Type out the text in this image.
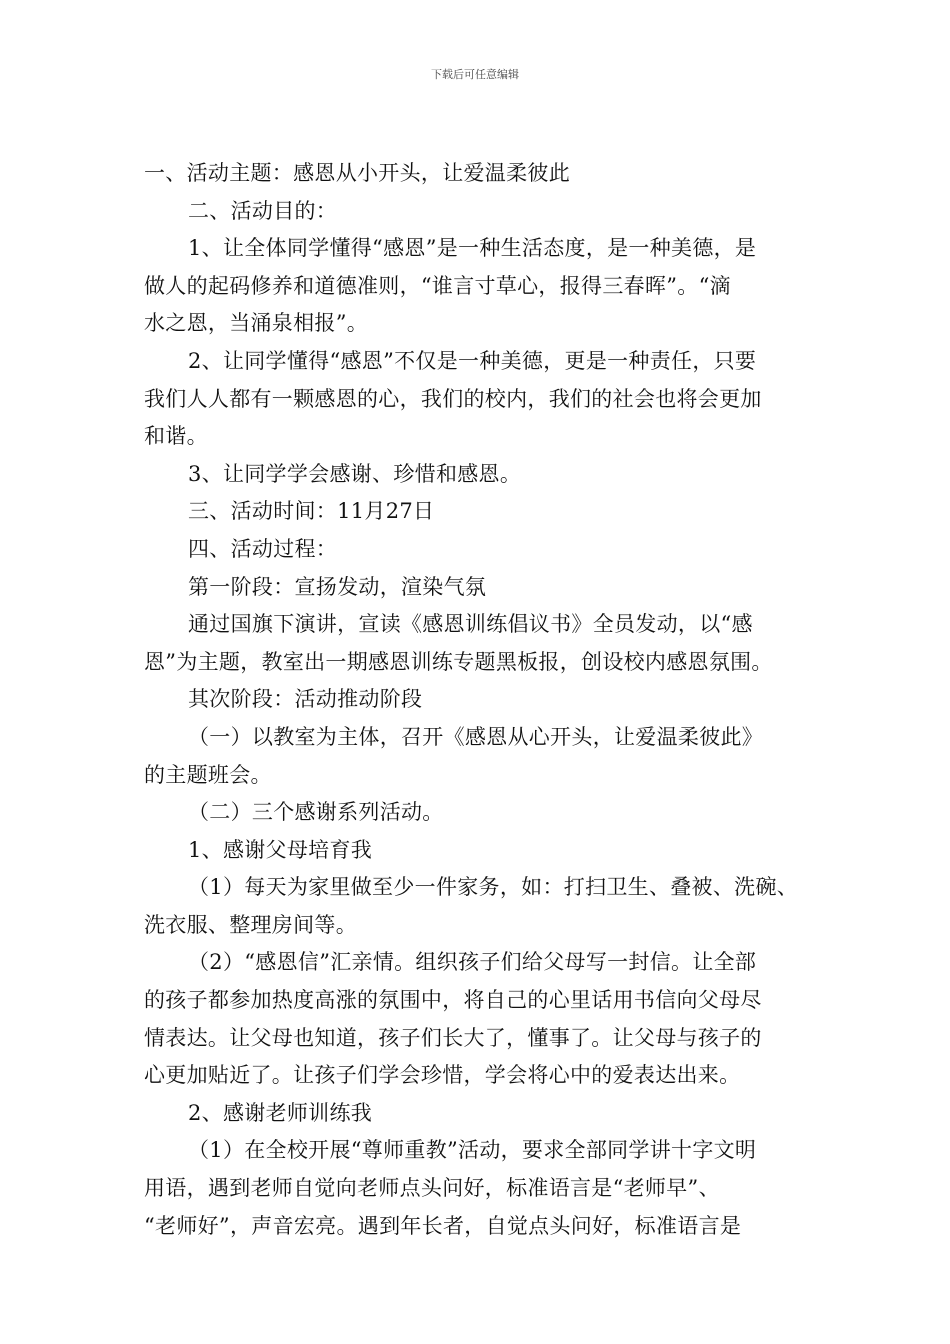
下载后可任意编辑
一、活动主题：感恩从小开头，让爱温柔彼此
二、活动目的：
1、让全体同学懂得“感恩”是一种生活态度，是一种美德，是
做人的起码修养和道德准则，“谁言寸草心，报得三春晖”。“滴
水之恩，当涌泉相报”。
2、让同学懂得“感恩”不仅是一种美德，更是一种责任，只要
我们人人都有一颗感恩的心，我们的校内，我们的社会也将会更加
和谐。
3、让同学学会感谢、珍惜和感恩。
三、活动时间：11月27日
四、活动过程：
第一阶段：宣扬发动，渲染气氛
通过国旗下演讲，宣读《感恩训练倡议书》全员发动，以“感
恩”为主题，教室出一期感恩训练专题黑板报，创设校内感恩氛围。
其次阶段：活动推动阶段
（一）以教室为主体，召开《感恩从心开头，让爱温柔彼此》
的主题班会。
（二）三个感谢系列活动。
1、感谢父母培育我
（1）每天为家里做至少一件家务，如：打扫卫生、叠被、洗碗、
洗衣服、整理房间等。
（2）“感恩信”汇亲情。组织孩子们给父母写一封信。让全部
的孩子都参加热度高涨的氛围中，将自己的心里话用书信向父母尽
情表达。让父母也知道，孩子们长大了，懂事了。让父母与孩子的
心更加贴近了。让孩子们学会珍惜，学会将心中的爱表达出来。
2、感谢老师训练我
（1）在全校开展“尊师重教”活动，要求全部同学讲十字文明
用语，遇到老师自觉向老师点头问好，标准语言是“老师早”、
“老师好”，声音宏亮。遇到年长者，自觉点头问好，标准语言是
